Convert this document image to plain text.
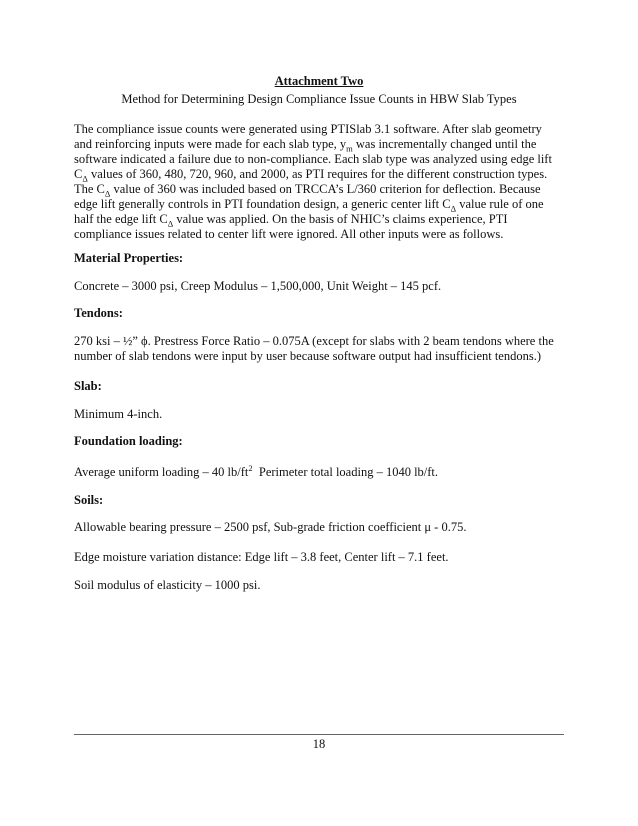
Attachment Two
Method for Determining Design Compliance Issue Counts in HBW Slab Types
The compliance issue counts were generated using PTISlab 3.1 software. After slab geometry
and reinforcing inputs were made for each slab type, $y_m$ was incrementally changed until the
software indicated a failure due to non-compliance. Each slab type was analyzed using edge lift
$C_\Delta$ values of 360, 480, 720, 960, and 2000, as PTI requires for the different construction types.
The $C_\Delta$ value of 360 was included based on TRCCA’s L/360 criterion for deflection. Because
edge lift generally controls in PTI foundation design, a generic center lift $C_\Delta$ value rule of one
half the edge lift $C_\Delta$ value was applied. On the basis of NHIC’s claims experience, PTI
compliance issues related to center lift were ignored. All other inputs were as follows.
Material Properties:
Concrete – 3000 psi, Creep Modulus – 1,500,000, Unit Weight – 145 pcf.
Tendons:
270 ksi – ½” ϕ. Prestress Force Ratio – 0.075A (except for slabs with 2 beam tendons where the
number of slab tendons were input by user because software output had insufficient tendons.)
Slab:
Minimum 4-inch.
Foundation loading:
Average uniform loading – 40 $lb/ft^2$  Perimeter total loading – 1040 lb/ft.
Soils:
Allowable bearing pressure – 2500 psf, Sub-grade friction coefficient μ - 0.75.
Edge moisture variation distance: Edge lift – 3.8 feet, Center lift – 7.1 feet.
Soil modulus of elasticity – 1000 psi.
18
